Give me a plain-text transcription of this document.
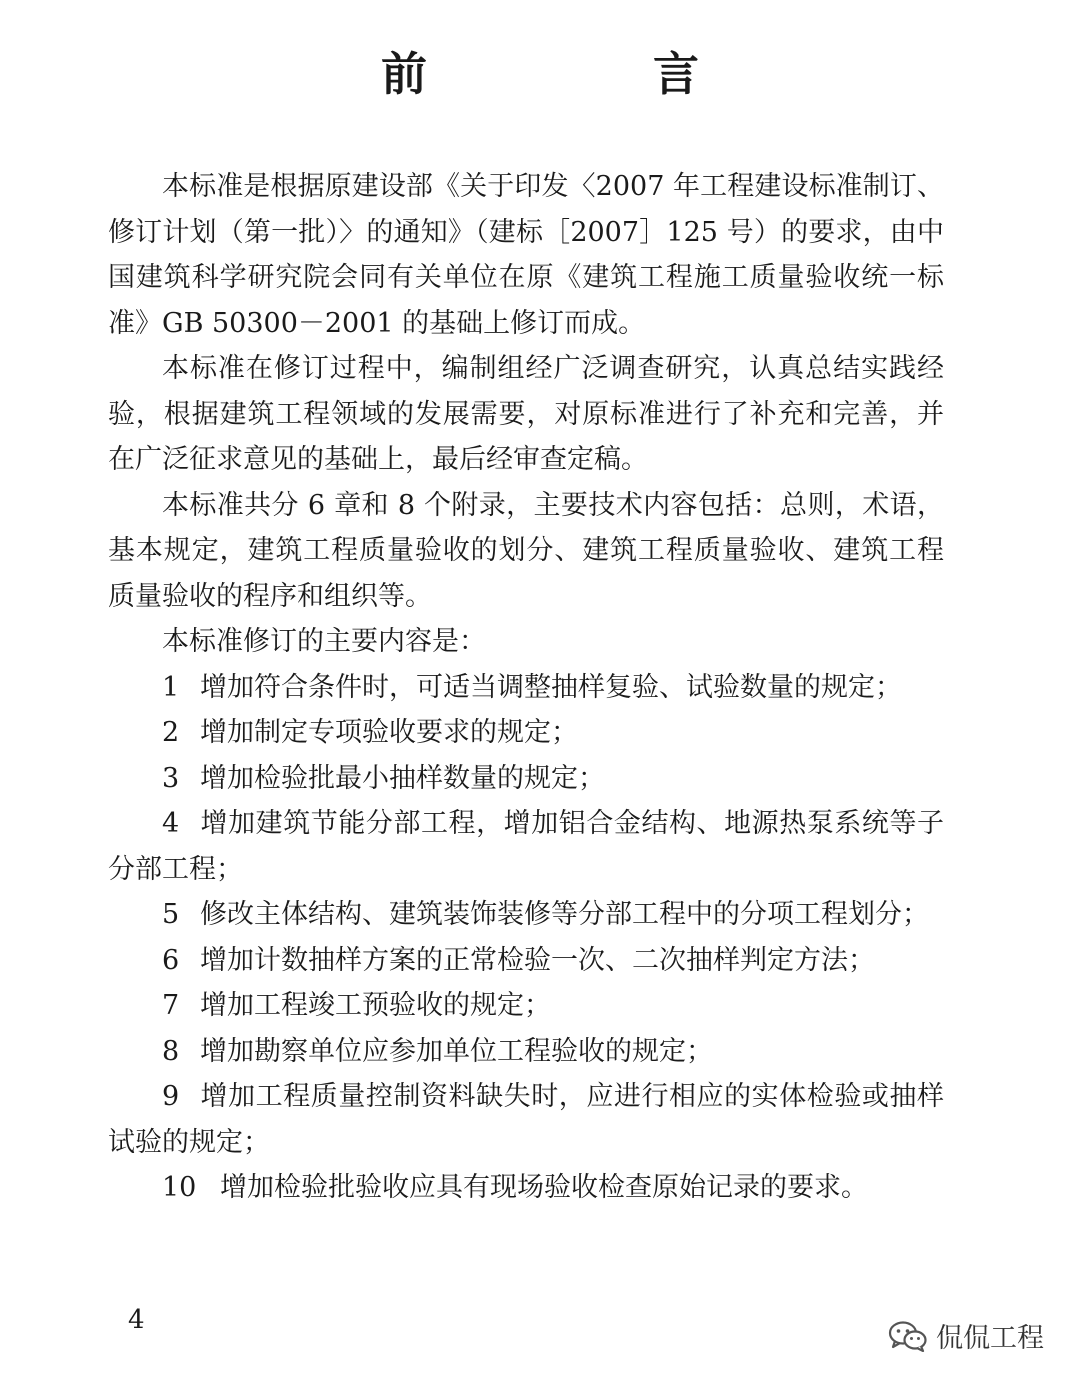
前　言

本标准是根据原建设部《关于印发〈2007 年工程建设标准制订、修订计划（第一批）〉的通知》（建标［2007］125 号）的要求，由中国建筑科学研究院会同有关单位在原《建筑工程施工质量验收统一标准》GB 50300－2001 的基础上修订而成。

本标准在修订过程中，编制组经广泛调查研究，认真总结实践经验，根据建筑工程领域的发展需要，对原标准进行了补充和完善，并在广泛征求意见的基础上，最后经审查定稿。

本标准共分 6 章和 8 个附录，主要技术内容包括：总则，术语，基本规定，建筑工程质量验收的划分、建筑工程质量验收、建筑工程质量验收的程序和组织等。

本标准修订的主要内容是：

1 增加符合条件时，可适当调整抽样复验、试验数量的规定；

2 增加制定专项验收要求的规定；

3 增加检验批最小抽样数量的规定；

4 增加建筑节能分部工程，增加铝合金结构、地源热泵系统等子分部工程；

5 修改主体结构、建筑装饰装修等分部工程中的分项工程划分；

6 增加计数抽样方案的正常检验一次、二次抽样判定方法；

7 增加工程竣工预验收的规定；

8 增加勘察单位应参加单位工程验收的规定；

9 增加工程质量控制资料缺失时，应进行相应的实体检验或抽样试验的规定；

10 增加检验批验收应具有现场验收检查原始记录的要求。

4
侃侃工程
